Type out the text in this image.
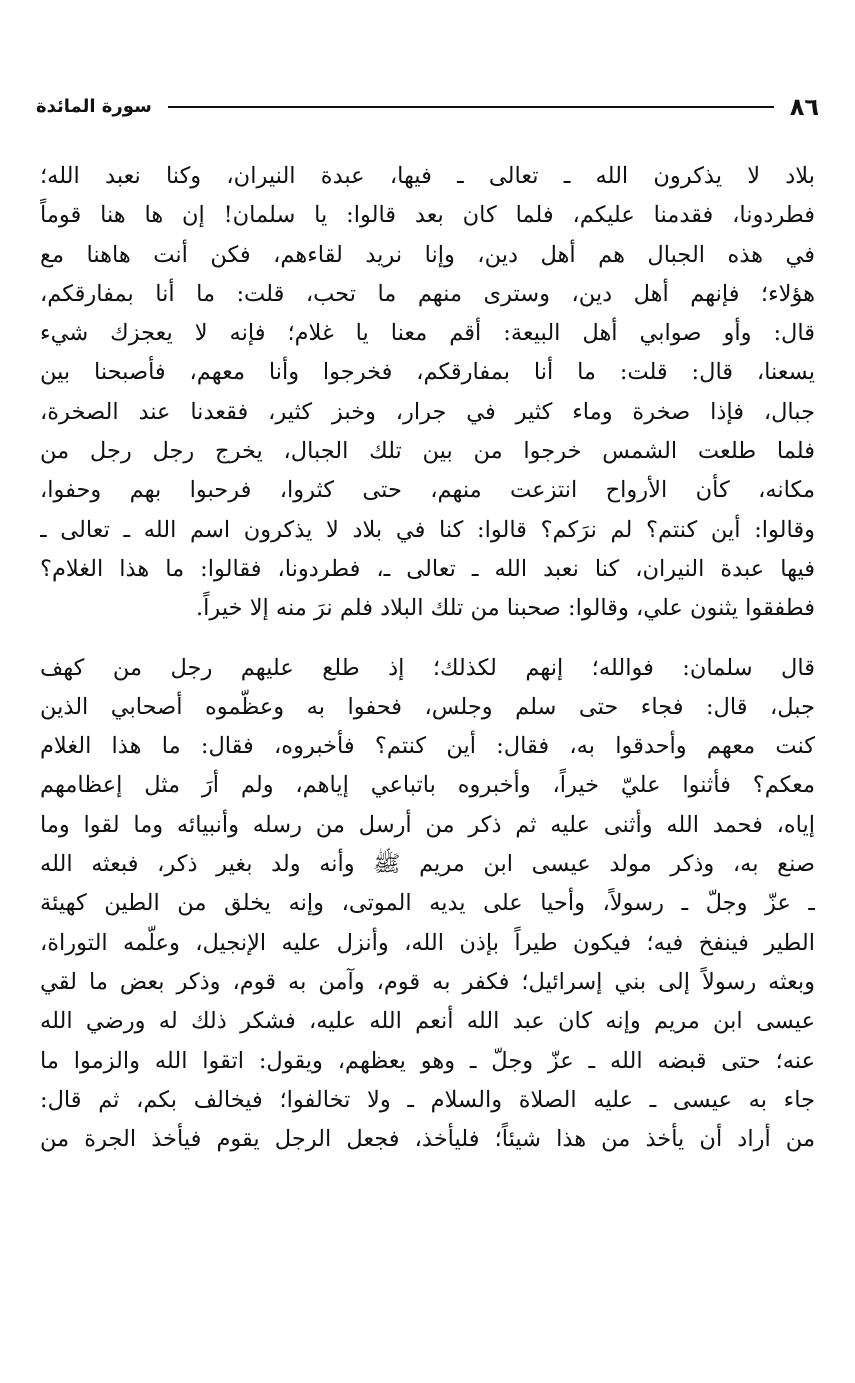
٨٦
سورة المائدة
بلاد لا يذكرون الله ـ تعالى ـ فيها، عبدة النيران، وكنا نعبد الله؛
فطردونا، فقدمنا عليكم، فلما كان بعد قالوا: يا سلمان! إن ها هنا قوماً
في هذه الجبال هم أهل دين، وإنا نريد لقاءهم، فكن أنت هاهنا مع
هؤلاء؛ فإنهم أهل دين، وسترى منهم ما تحب، قلت: ما أنا بمفارقكم،
قال: وأو صوابي أهل البيعة: أقم معنا يا غلام؛ فإنه لا يعجزك شيء
يسعنا، قال: قلت: ما أنا بمفارقكم، فخرجوا وأنا معهم، فأصبحنا بين
جبال، فإذا صخرة وماء كثير في جرار، وخبز كثير، فقعدنا عند الصخرة،
فلما طلعت الشمس خرجوا من بين تلك الجبال، يخرج رجل رجل من
مكانه، كأن الأرواح انتزعت منهم، حتى كثروا، فرحبوا بهم وحفوا،
وقالوا: أين كنتم؟ لم نرَكم؟ قالوا: كنا في بلاد لا يذكرون اسم الله ـ تعالى ـ
فيها عبدة النيران، كنا نعبد الله ـ تعالى ـ، فطردونا، فقالوا: ما هذا الغلام؟
فطفقوا يثنون علي، وقالوا: صحبنا من تلك البلاد فلم نرَ منه إلا خيراً.
قال سلمان: فوالله؛ إنهم لكذلك؛ إذ طلع عليهم رجل من كهف
جبل، قال: فجاء حتى سلم وجلس، فحفوا به وعظّموه أصحابي الذين
كنت معهم وأحدقوا به، فقال: أين كنتم؟ فأخبروه، فقال: ما هذا الغلام
معكم؟ فأثنوا عليّ خيراً، وأخبروه باتباعي إياهم، ولم أرَ مثل إعظامهم
إياه، فحمد الله وأثنى عليه ثم ذكر من أرسل من رسله وأنبيائه وما لقوا وما
صنع به، وذكر مولد عيسى ابن مريم ﷺ وأنه ولد بغير ذكر، فبعثه الله
ـ عزّ وجلّ ـ رسولاً، وأحيا على يديه الموتى، وإنه يخلق من الطين كهيئة
الطير فينفخ فيه؛ فيكون طيراً بإذن الله، وأنزل عليه الإنجيل، وعلّمه التوراة،
وبعثه رسولاً إلى بني إسرائيل؛ فكفر به قوم، وآمن به قوم، وذكر بعض ما لقي
عيسى ابن مريم وإنه كان عبد الله أنعم الله عليه، فشكر ذلك له ورضي الله
عنه؛ حتى قبضه الله ـ عزّ وجلّ ـ وهو يعظهم، ويقول: اتقوا الله والزموا ما
جاء به عيسى ـ عليه الصلاة والسلام ـ ولا تخالفوا؛ فيخالف بكم، ثم قال:
من أراد أن يأخذ من هذا شيئاً؛ فليأخذ، فجعل الرجل يقوم فيأخذ الجرة من
